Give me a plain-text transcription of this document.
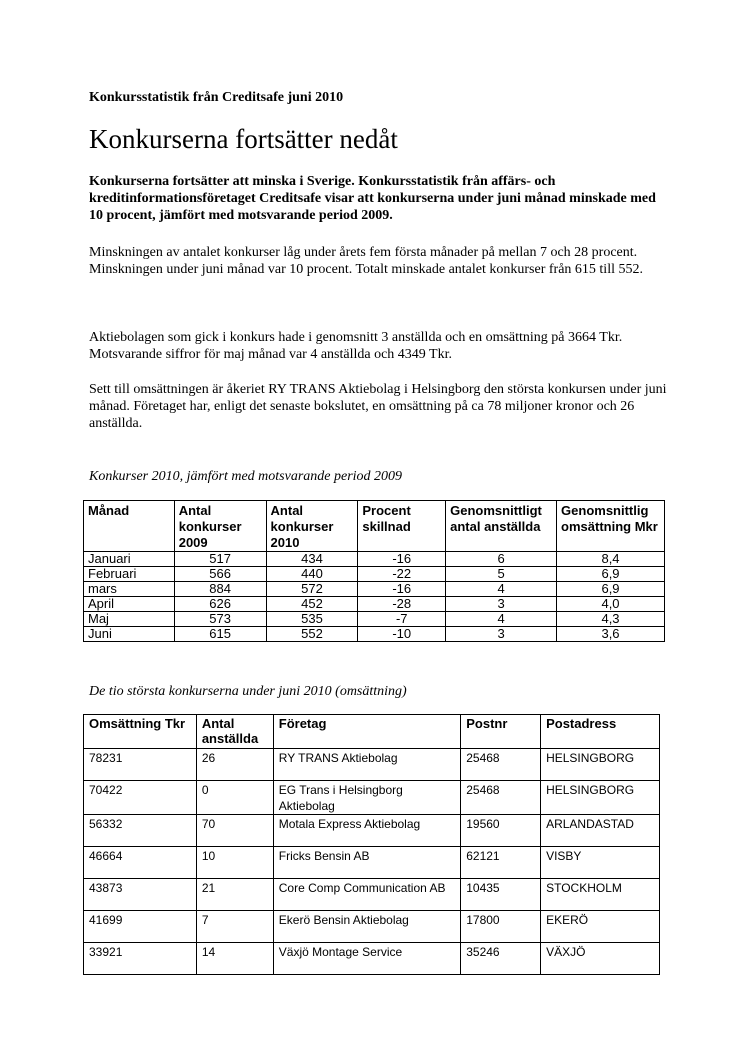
Konkursstatistik från Creditsafe juni 2010
Konkurserna fortsätter nedåt
Konkurserna fortsätter att minska i Sverige. Konkursstatistik från affärs- och kreditinformationsföretaget Creditsafe visar att konkurserna under juni månad minskade med 10 procent, jämfört med motsvarande period 2009.
Minskningen av antalet konkurser låg under årets fem första månader på mellan 7 och 28 procent.
Minskningen under juni månad var 10 procent. Totalt minskade antalet konkurser från 615 till 552.
Aktiebolagen som gick i konkurs hade i genomsnitt 3 anställda och en omsättning på 3664 Tkr. Motsvarande siffror för maj månad var 4 anställda och 4349 Tkr.
Sett till omsättningen är åkeriet RY TRANS Aktiebolag i Helsingborg den största konkursen under juni månad. Företaget har, enligt det senaste bokslutet, en omsättning på ca 78 miljoner kronor och 26 anställda.
Konkurser 2010, jämfört med motsvarande period 2009
Månad	Antal konkurser 2009	Antal konkurser 2010	Procent skillnad	Genomsnittligt antal anställda	Genomsnittlig omsättning Mkr
Januari	517	434	-16	6	8,4
Februari	566	440	-22	5	6,9
mars	884	572	-16	4	6,9
April	626	452	-28	3	4,0
Maj	573	535	-7	4	4,3
Juni	615	552	-10	3	3,6
De tio största konkurserna under juni 2010 (omsättning)
Omsättning Tkr	Antal anställda	Företag	Postnr	Postadress
78231	26	RY TRANS Aktiebolag	25468	HELSINGBORG
70422	0	EG Trans i Helsingborg Aktiebolag	25468	HELSINGBORG
56332	70	Motala Express Aktiebolag	19560	ARLANDASTAD
46664	10	Fricks Bensin AB	62121	VISBY
43873	21	Core Comp Communication AB	10435	STOCKHOLM
41699	7	Ekerö Bensin Aktiebolag	17800	EKERÖ
33921	14	Växjö Montage Service	35246	VÄXJÖ
